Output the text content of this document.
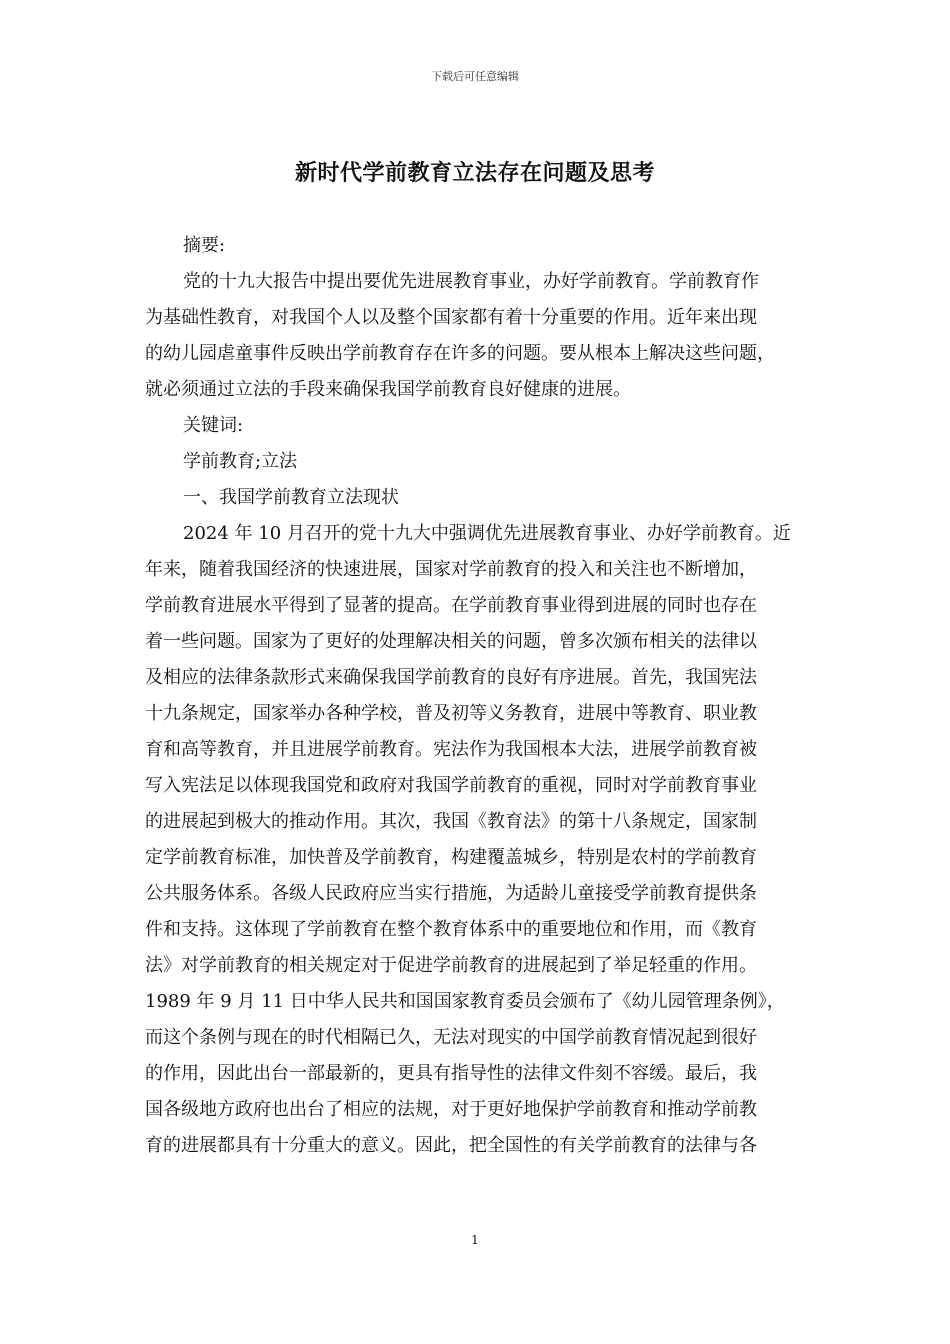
下载后可任意编辑
新时代学前教育立法存在问题及思考
摘要:
党的十九大报告中提出要优先进展教育事业，办好学前教育。学前教育作
为基础性教育，对我国个人以及整个国家都有着十分重要的作用。近年来出现
的幼儿园虐童事件反映出学前教育存在许多的问题。要从根本上解决这些问题，
就必须通过立法的手段来确保我国学前教育良好健康的进展。
关键词:
学前教育;立法
一、我国学前教育立法现状
2024 年 10 月召开的党十九大中强调优先进展教育事业、办好学前教育。近
年来，随着我国经济的快速进展，国家对学前教育的投入和关注也不断增加，
学前教育进展水平得到了显著的提高。在学前教育事业得到进展的同时也存在
着一些问题。国家为了更好的处理解决相关的问题，曾多次颁布相关的法律以
及相应的法律条款形式来确保我国学前教育的良好有序进展。首先，我国宪法
十九条规定，国家举办各种学校，普及初等义务教育，进展中等教育、职业教
育和高等教育，并且进展学前教育。宪法作为我国根本大法，进展学前教育被
写入宪法足以体现我国党和政府对我国学前教育的重视，同时对学前教育事业
的进展起到极大的推动作用。其次，我国《教育法》的第十八条规定，国家制
定学前教育标准，加快普及学前教育，构建覆盖城乡，特别是农村的学前教育
公共服务体系。各级人民政府应当实行措施，为适龄儿童接受学前教育提供条
件和支持。这体现了学前教育在整个教育体系中的重要地位和作用，而《教育
法》对学前教育的相关规定对于促进学前教育的进展起到了举足轻重的作用。
1989 年 9 月 11 日中华人民共和国国家教育委员会颁布了《幼儿园管理条例》，
而这个条例与现在的时代相隔已久，无法对现实的中国学前教育情况起到很好
的作用，因此出台一部最新的，更具有指导性的法律文件刻不容缓。最后，我
国各级地方政府也出台了相应的法规，对于更好地保护学前教育和推动学前教
育的进展都具有十分重大的意义。因此，把全国性的有关学前教育的法律与各
1
